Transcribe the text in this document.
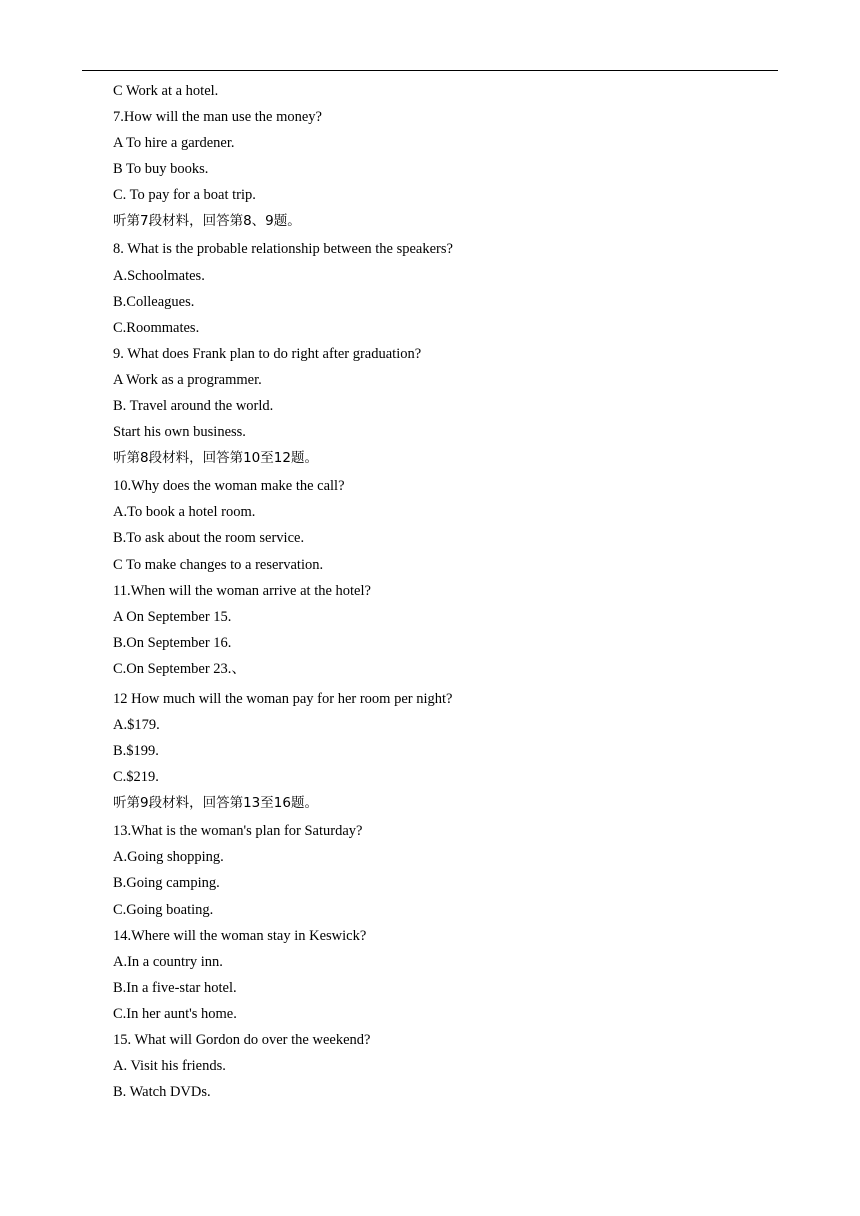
C Work at a hotel.
7.How will the man use the money?
A To hire a gardener.
B To buy books.
C. To pay for a boat trip.
听第7段材料，回答第8、9题。
8. What is the probable relationship between the speakers?
A.Schoolmates.
B.Colleagues.
C.Roommates.
9. What does Frank plan to do right after graduation?
A Work as a programmer.
B. Travel around the world.
Start his own business.
听第8段材料，回答第10至12题。
10.Why does the woman make the call?
A.To book a hotel room.
B.To ask about the room service.
C To make changes to a reservation.
11.When will the woman arrive at the hotel?
A On September 15.
B.On September 16.
C.On September 23.、
12 How much will the woman pay for her room per night?
A.$179.
B.$199.
C.$219.
听第9段材料，回答第13至16题。
13.What is the woman's plan for Saturday?
A.Going shopping.
B.Going camping.
C.Going boating.
14.Where will the woman stay in Keswick?
A.In a country inn.
B.In a five-star hotel.
C.In her aunt's home.
15. What will Gordon do over the weekend?
A. Visit his friends.
B. Watch DVDs.
